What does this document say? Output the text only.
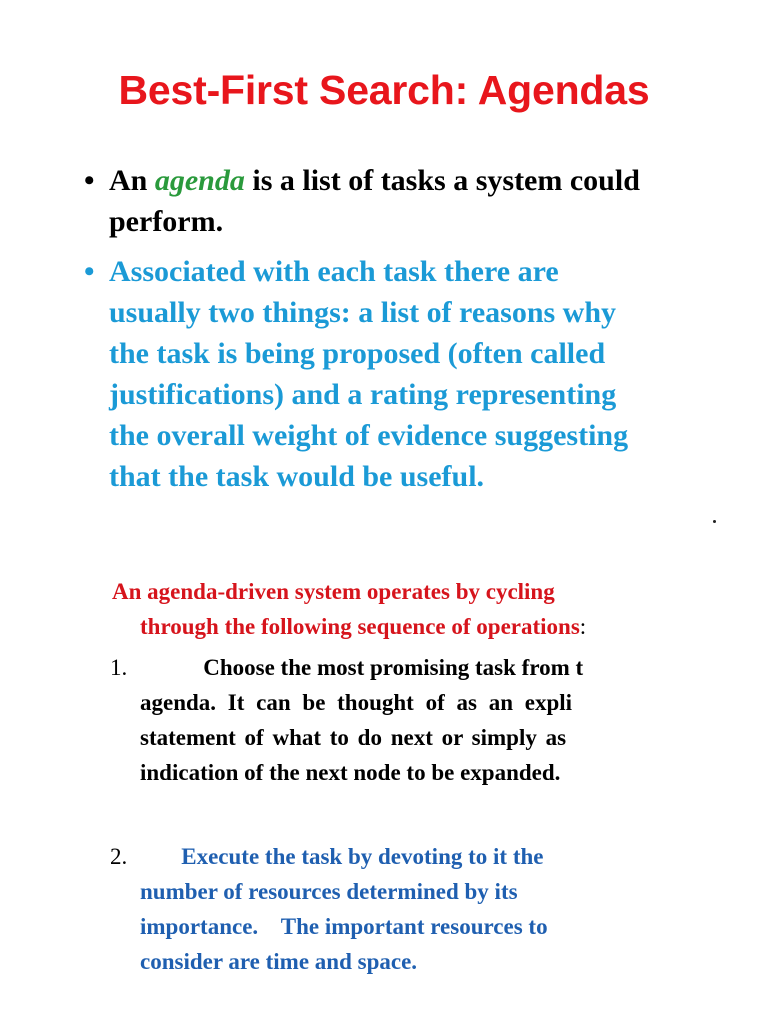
Best-First Search: Agendas
• An agenda is a list of tasks a system could
perform.
• Associated with each task there are
usually two things: a list of reasons why
the task is being proposed (often called
justifications) and a rating representing
the overall weight of evidence suggesting
that the task would be useful.
An agenda-driven system operates by cycling
through the following sequence of operations:
1.	Choose the most promising task from t
agenda. It can be thought of as an expli
statement of what to do next or simply as
indication of the next node to be expanded.
2. Execute the task by devoting to it the
number of resources determined by its
importance.    The important resources to
consider are time and space.
